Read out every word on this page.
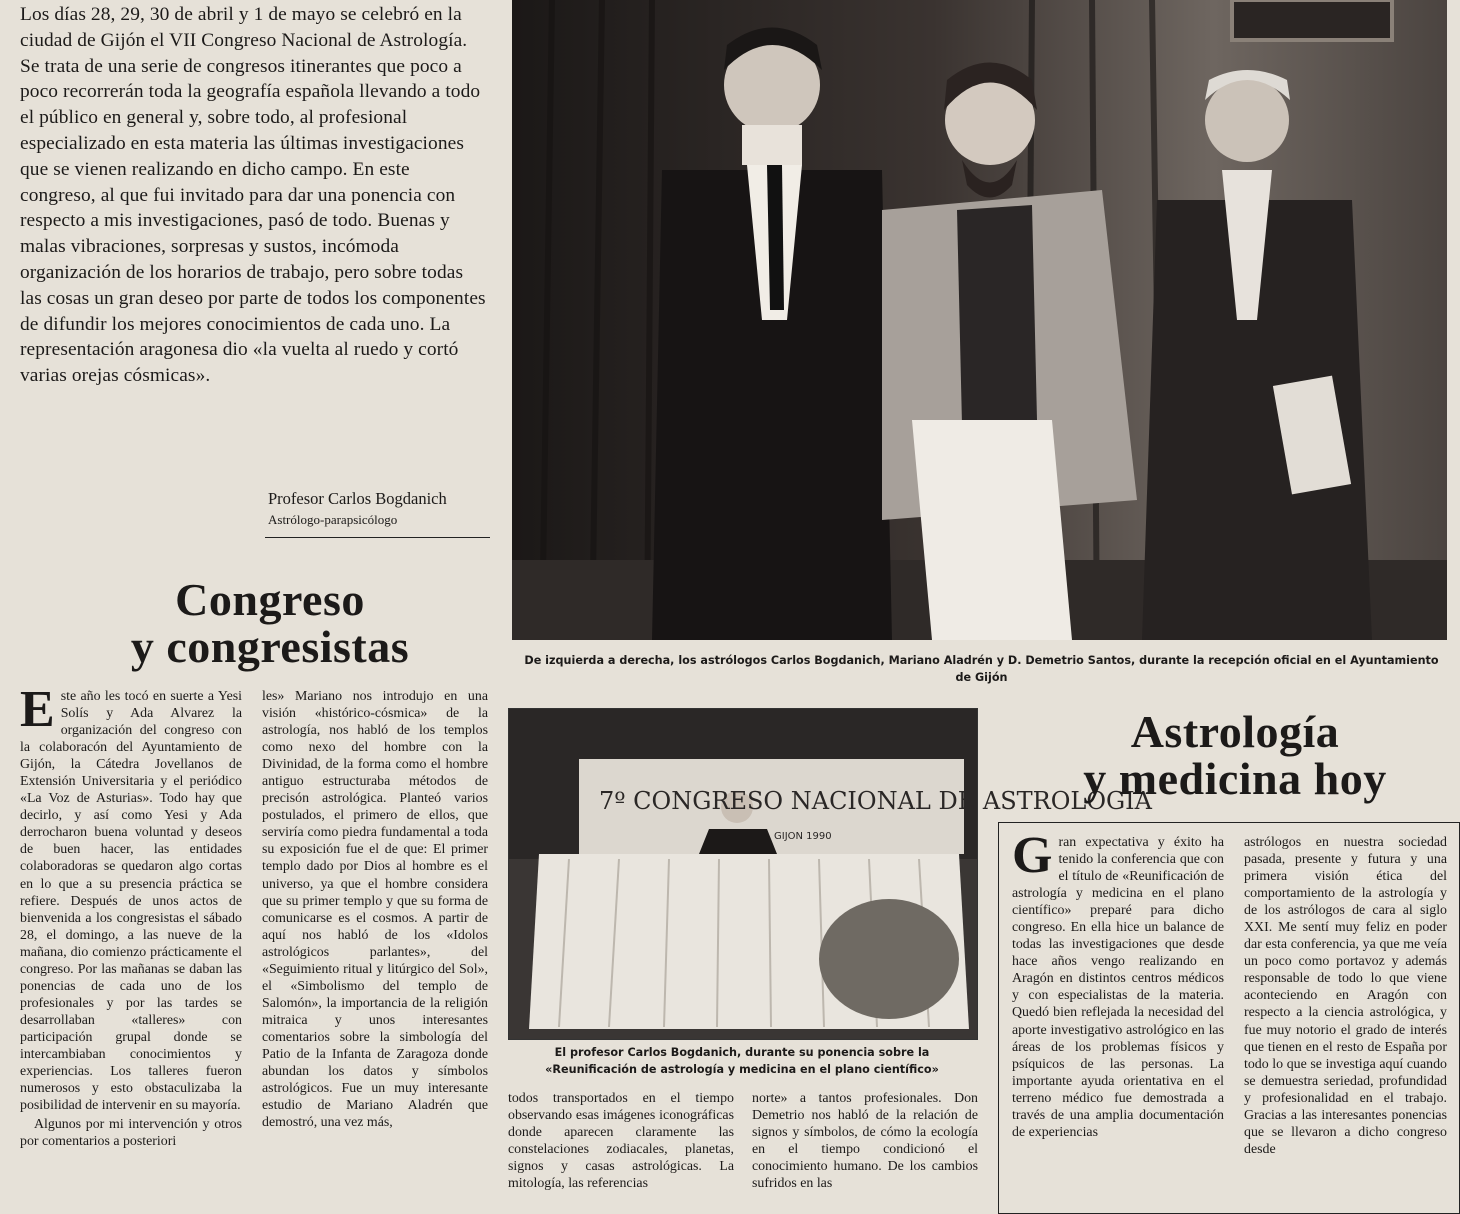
Los días 28, 29, 30 de abril y 1 de mayo se celebró en la ciudad de Gijón el VII Congreso Nacional de Astrología. Se trata de una serie de congresos itinerantes que poco a poco recorrerán toda la geografía española llevando a todo el público en general y, sobre todo, al profesional especializado en esta materia las últimas investigaciones que se vienen realizando en dicho campo. En este congreso, al que fui invitado para dar una ponencia con respecto a mis investigaciones, pasó de todo. Buenas y malas vibraciones, sorpresas y sustos, incómoda organización de los horarios de trabajo, pero sobre todas las cosas un gran deseo por parte de todos los componentes de difundir los mejores conocimientos de cada uno. La representación aragonesa dio «la vuelta al ruedo y cortó varias orejas cósmicas».

Profesor Carlos Bogdanich
Astrólogo-parapsicólogo
Congreso
y congresistas

Este año les tocó en suerte a Yesi Solís y Ada Alvarez la organización del congreso con la colaboracón del Ayuntamiento de Gijón, la Cátedra Jovellanos de Extensión Universitaria y el periódico «La Voz de Asturias». Todo hay que decirlo, y así como Yesi y Ada derrocharon buena voluntad y deseos de buen hacer, las entidades colaboradoras se quedaron algo cortas en lo que a su presencia práctica se refiere. Después de unos actos de bienvenida a los congresistas el sábado 28, el domingo, a las nueve de la mañana, dio comienzo prácticamente el congreso. Por las mañanas se daban las ponencias de cada uno de los profesionales y por las tardes se desarrollaban «talleres» con participación grupal donde se intercambiaban conocimientos y experiencias. Los talleres fueron numerosos y esto obstaculizaba la posibilidad de intervenir en su mayoría.

Algunos por mi intervención y otros por comentarios a posteriori

les» Mariano nos introdujo en una visión «histórico-cósmica» de la astrología, nos habló de los templos como nexo del hombre con la Divinidad, de la forma como el hombre antiguo estructuraba métodos de precisón astrológica. Planteó varios postulados, el primero de ellos, que serviría como piedra fundamental a toda su exposición fue el de que: El primer templo dado por Dios al hombre es el universo, ya que el hombre considera que su primer templo y que su forma de comunicarse es el cosmos. A partir de aquí nos habló de los «Idolos astrológicos parlantes», del «Seguimiento ritual y litúrgico del Sol», el «Simbolismo del templo de Salomón», la importancia de la religión mitraica y unos interesantes comentarios sobre la simbología del Patio de la Infanta de Zaragoza donde abundan los datos y símbolos astrológicos. Fue un muy interesante estudio de Mariano Aladrén que demostró, una vez más,

todos transportados en el tiempo observando esas imágenes iconográficas donde aparecen claramente las constelaciones zodiacales, planetas, signos y casas astrológicas. La mitología, las referencias

norte» a tantos profesionales. Don Demetrio nos habló de la relación de signos y símbolos, de cómo la ecología en el tiempo condicionó el conocimiento humano. De los cambios sufridos en las

De izquierda a derecha, los astrólogos Carlos Bogdanich, Mariano Aladrén y D. Demetrio Santos, durante la recepción oficial en el Ayuntamiento de Gijón
7º CONGRESO NACIONAL DE ASTROLOGIA
GIJON 1990
El profesor Carlos Bogdanich, durante su ponencia sobre la «Reunificación de astrología y medicina en el plano científico»
Astrología
y medicina hoy

Gran expectativa y éxito ha tenido la conferencia que con el título de «Reunificación de astrología y medicina en el plano científico» preparé para dicho congreso. En ella hice un balance de todas las investigaciones que desde hace años vengo realizando en Aragón en distintos centros médicos y con especialistas de la materia. Quedó bien reflejada la necesidad del aporte investigativo astrológico en las áreas de los problemas físicos y psíquicos de las personas. La importante ayuda orientativa en el terreno médico fue demostrada a través de una amplia documentación de experiencias

astrólogos en nuestra sociedad pasada, presente y futura y una primera visión ética del comportamiento de la astrología y de los astrólogos de cara al siglo XXI. Me sentí muy feliz en poder dar esta conferencia, ya que me veía un poco como portavoz y además responsable de todo lo que viene aconteciendo en Aragón con respecto a la ciencia astrológica, y fue muy notorio el grado de interés que tienen en el resto de España por todo lo que se investiga aquí cuando se demuestra seriedad, profundidad y profesionalidad en el trabajo. Gracias a las interesantes ponencias que se llevaron a dicho congreso desde
